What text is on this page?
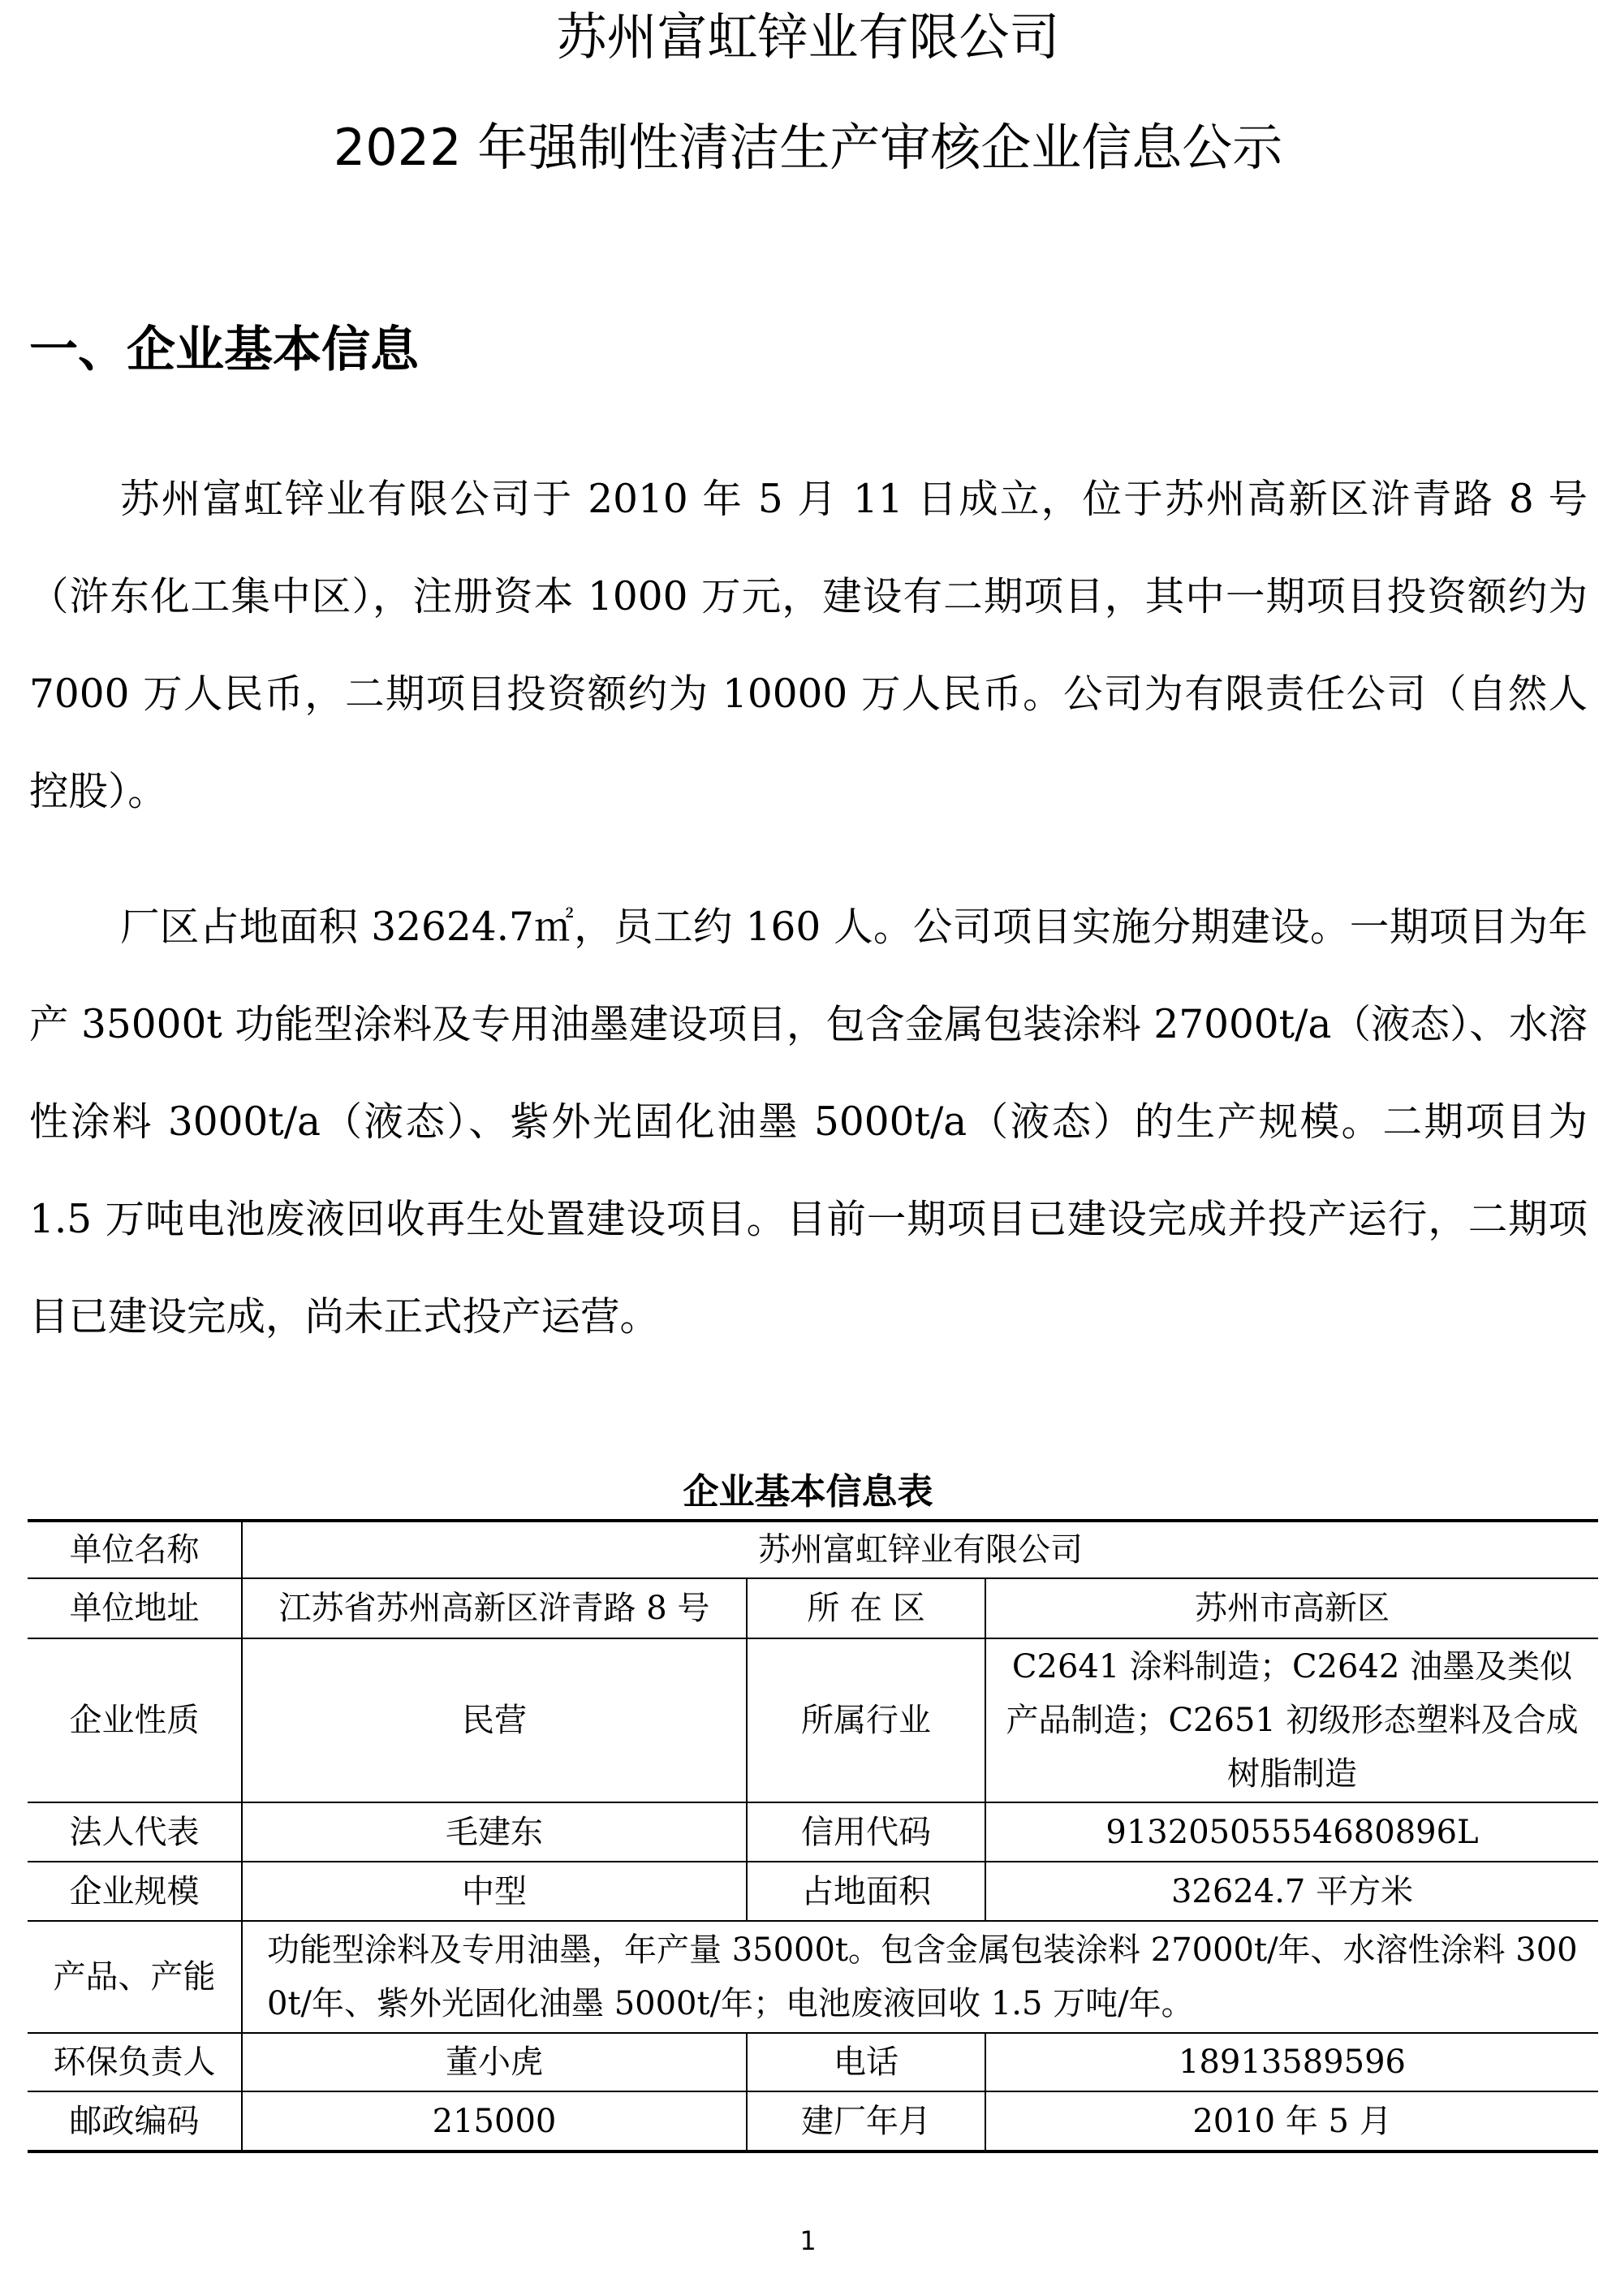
苏州富虹锌业有限公司
2022 年强制性清洁生产审核企业信息公示
一、企业基本信息

苏州富虹锌业有限公司于 2010 年 5 月 11 日成立，位于苏州高新区浒青路 8 号（浒东化工集中区），注册资本 1000 万元，建设有二期项目，其中一期项目投资额约为 7000 万人民币，二期项目投资额约为 10000 万人民币。公司为有限责任公司（自然人控股）。

厂区占地面积 32624.7㎡，员工约 160 人。公司项目实施分期建设。一期项目为年产 35000t 功能型涂料及专用油墨建设项目，包含金属包装涂料 27000t/a（液态）、水溶性涂料 3000t/a（液态）、紫外光固化油墨 5000t/a（液态）的生产规模。二期项目为 1.5 万吨电池废液回收再生处置建设项目。目前一期项目已建设完成并投产运行，二期项目已建设完成，尚未正式投产运营。

企业基本信息表
单位名称	苏州富虹锌业有限公司		
单位地址	江苏省苏州高新区浒青路 8 号	所 在 区	苏州市高新区
企业性质	民营	所属行业	C2641 涂料制造；C2642 油墨及类似产品制造；C2651 初级形态塑料及合成树脂制造
法人代表	毛建东	信用代码	91320505554680896L
企业规模	中型	占地面积	32624.7 平方米
产品、产能	功能型涂料及专用油墨，年产量 35000t。包含金属包装涂料 27000t/年、水溶性涂料 3000t/年、紫外光固化油墨 5000t/年；电池废液回收 1.5 万吨/年。		
环保负责人	董小虎	电话	18913589596
邮政编码	215000	建厂年月	2010 年 5 月
1
